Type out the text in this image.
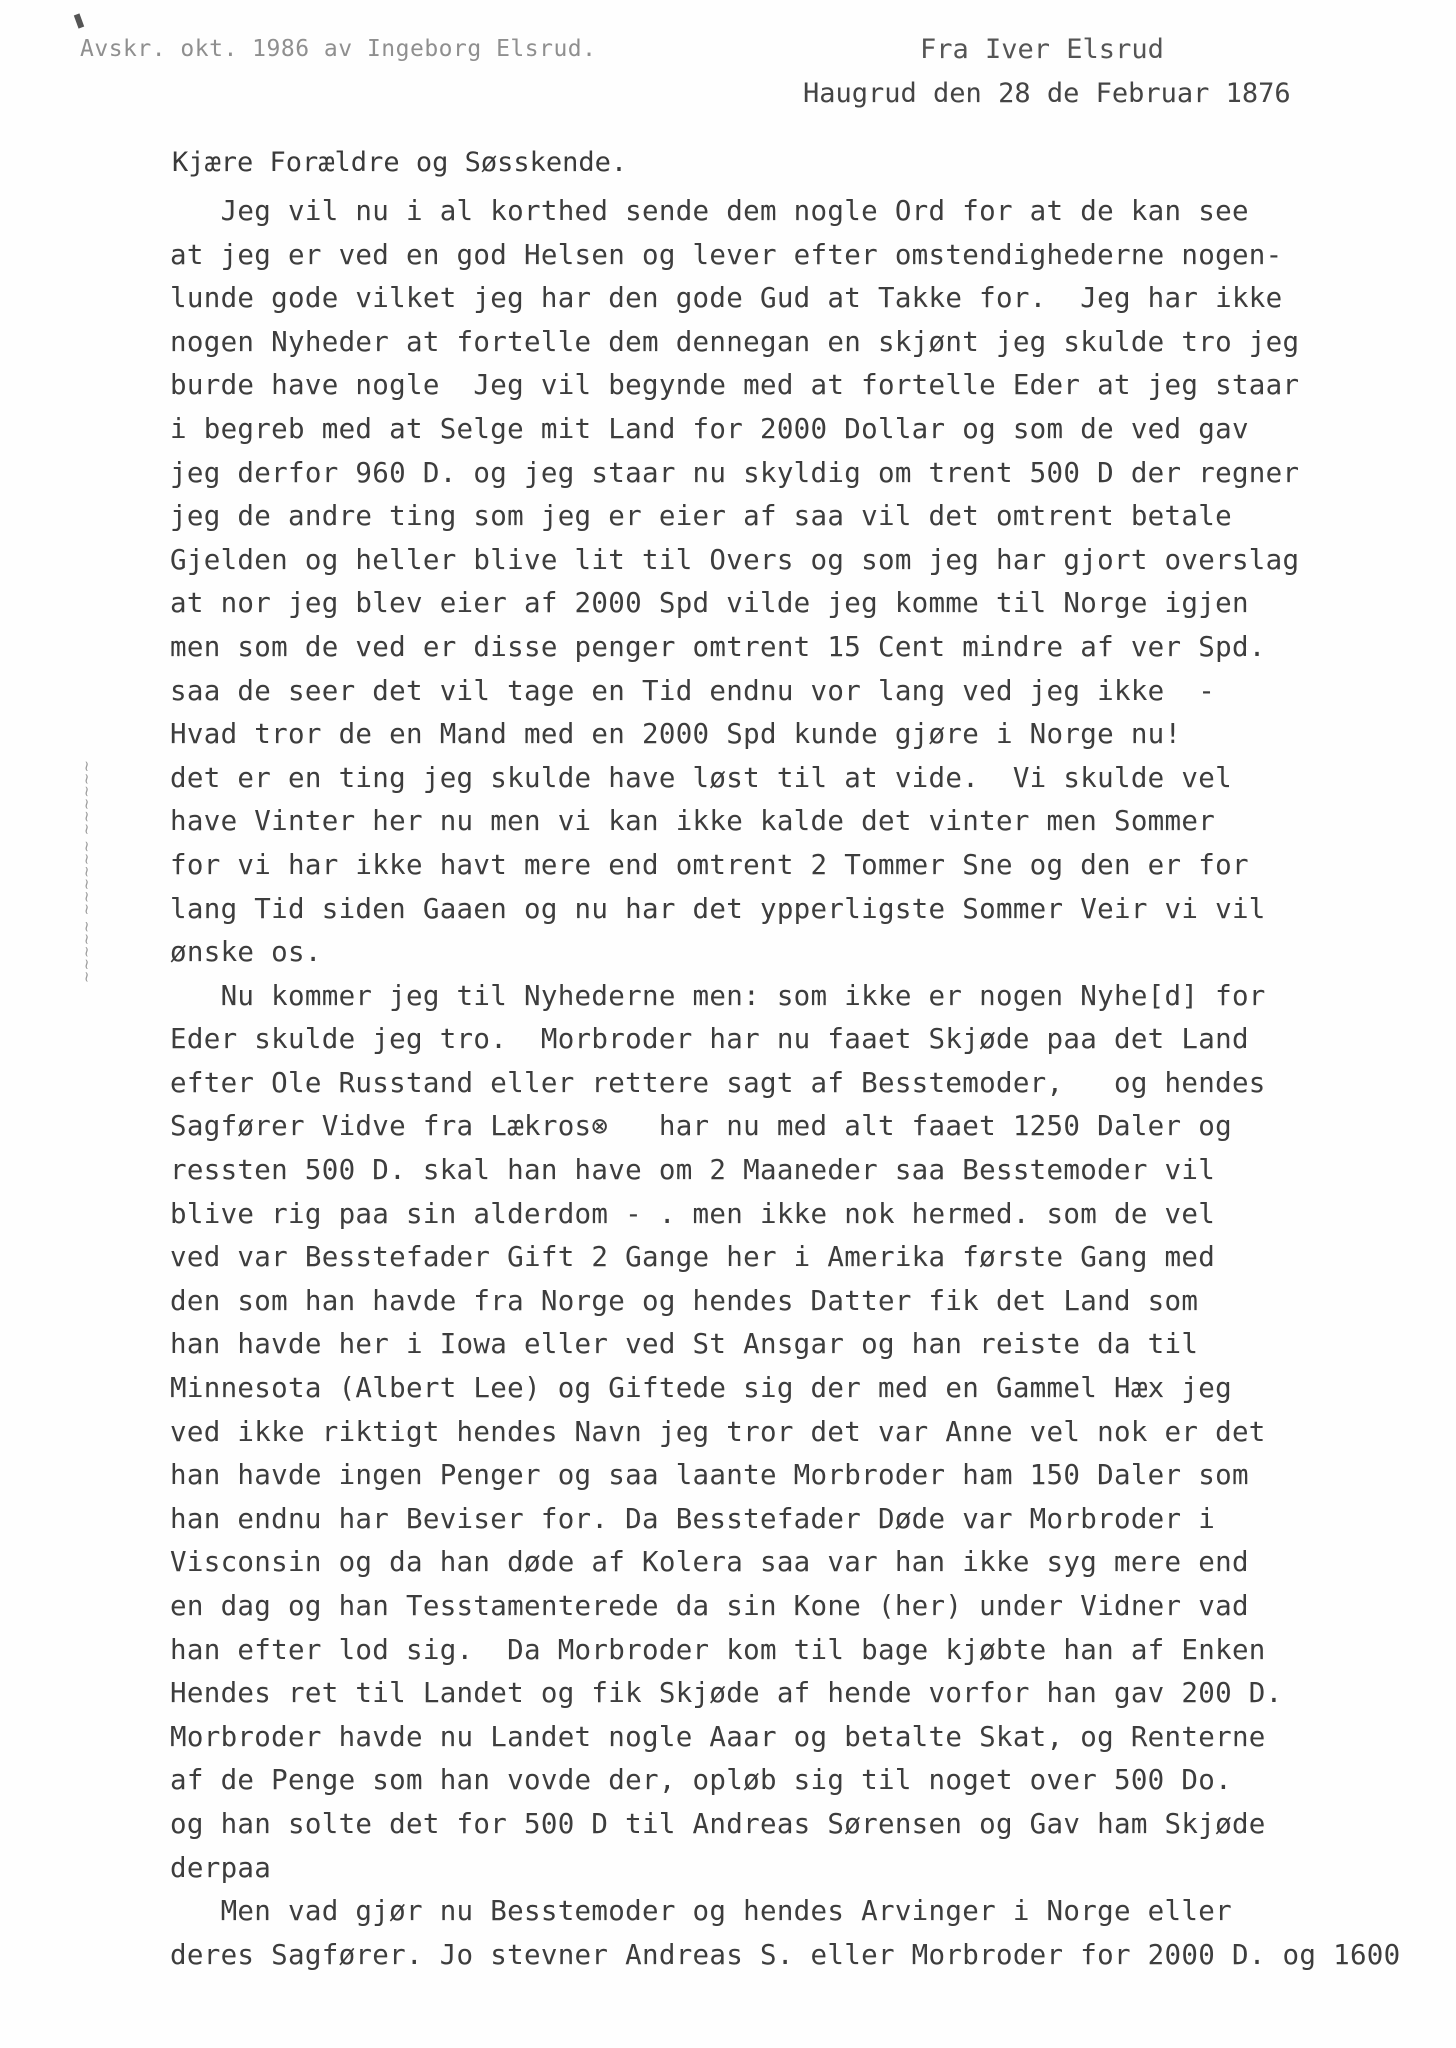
Avskr. okt. 1986 av Ingeborg Elsrud.	Fra Iver Elsrud
Haugrud den 28 de Februar 1876
Kjære Forældre og Søsskende.
~~~~~~ ~~~~~~ ~~~~~
Jeg vil nu i al korthed sende dem nogle Ord for at de kan see
at jeg er ved en god Helsen og lever efter omstendighederne nogen-
lunde gode vilket jeg har den gode Gud at Takke for.  Jeg har ikke
nogen Nyheder at fortelle dem dennegan en skjønt jeg skulde tro jeg
burde have nogle  Jeg vil begynde med at fortelle Eder at jeg staar
i begreb med at Selge mit Land for 2000 Dollar og som de ved gav
jeg derfor 960 D. og jeg staar nu skyldig om trent 500 D der regner
jeg de andre ting som jeg er eier af saa vil det omtrent betale
Gjelden og heller blive lit til Overs og som jeg har gjort overslag
at nor jeg blev eier af 2000 Spd vilde jeg komme til Norge igjen
men som de ved er disse penger omtrent 15 Cent mindre af ver Spd.
saa de seer det vil tage en Tid endnu vor lang ved jeg ikke  -
Hvad tror de en Mand med en 2000 Spd kunde gjøre i Norge nu!
det er en ting jeg skulde have løst til at vide.  Vi skulde vel
have Vinter her nu men vi kan ikke kalde det vinter men Sommer
for vi har ikke havt mere end omtrent 2 Tommer Sne og den er for
lang Tid siden Gaaen og nu har det ypperligste Sommer Veir vi vil
ønske os.
Nu kommer jeg til Nyhederne men: som ikke er nogen Nyhe[d] for
Eder skulde jeg tro.  Morbroder har nu faaet Skjøde paa det Land
efter Ole Russtand eller rettere sagt af Besstemoder,   og hendes
Sagfører Vidve fra Lækros⊗   har nu med alt faaet 1250 Daler og
ressten 500 D. skal han have om 2 Maaneder saa Besstemoder vil
blive rig paa sin alderdom - . men ikke nok hermed. som de vel
ved var Besstefader Gift 2 Gange her i Amerika første Gang med
den som han havde fra Norge og hendes Datter fik det Land som
han havde her i Iowa eller ved St Ansgar og han reiste da til
Minnesota (Albert Lee) og Giftede sig der med en Gammel Hæx jeg
ved ikke riktigt hendes Navn jeg tror det var Anne vel nok er det
han havde ingen Penger og saa laante Morbroder ham 150 Daler som
han endnu har Beviser for. Da Besstefader Døde var Morbroder i
Visconsin og da han døde af Kolera saa var han ikke syg mere end
en dag og han Tesstamenterede da sin Kone (her) under Vidner vad
han efter lod sig.  Da Morbroder kom til bage kjøbte han af Enken
Hendes ret til Landet og fik Skjøde af hende vorfor han gav 200 D.
Morbroder havde nu Landet nogle Aaar og betalte Skat, og Renterne
af de Penge som han vovde der, opløb sig til noget over 500 Do.
og han solte det for 500 D til Andreas Sørensen og Gav ham Skjøde
derpaa
Men vad gjør nu Besstemoder og hendes Arvinger i Norge eller
deres Sagfører. Jo stevner Andreas S. eller Morbroder for 2000 D. og 1600
